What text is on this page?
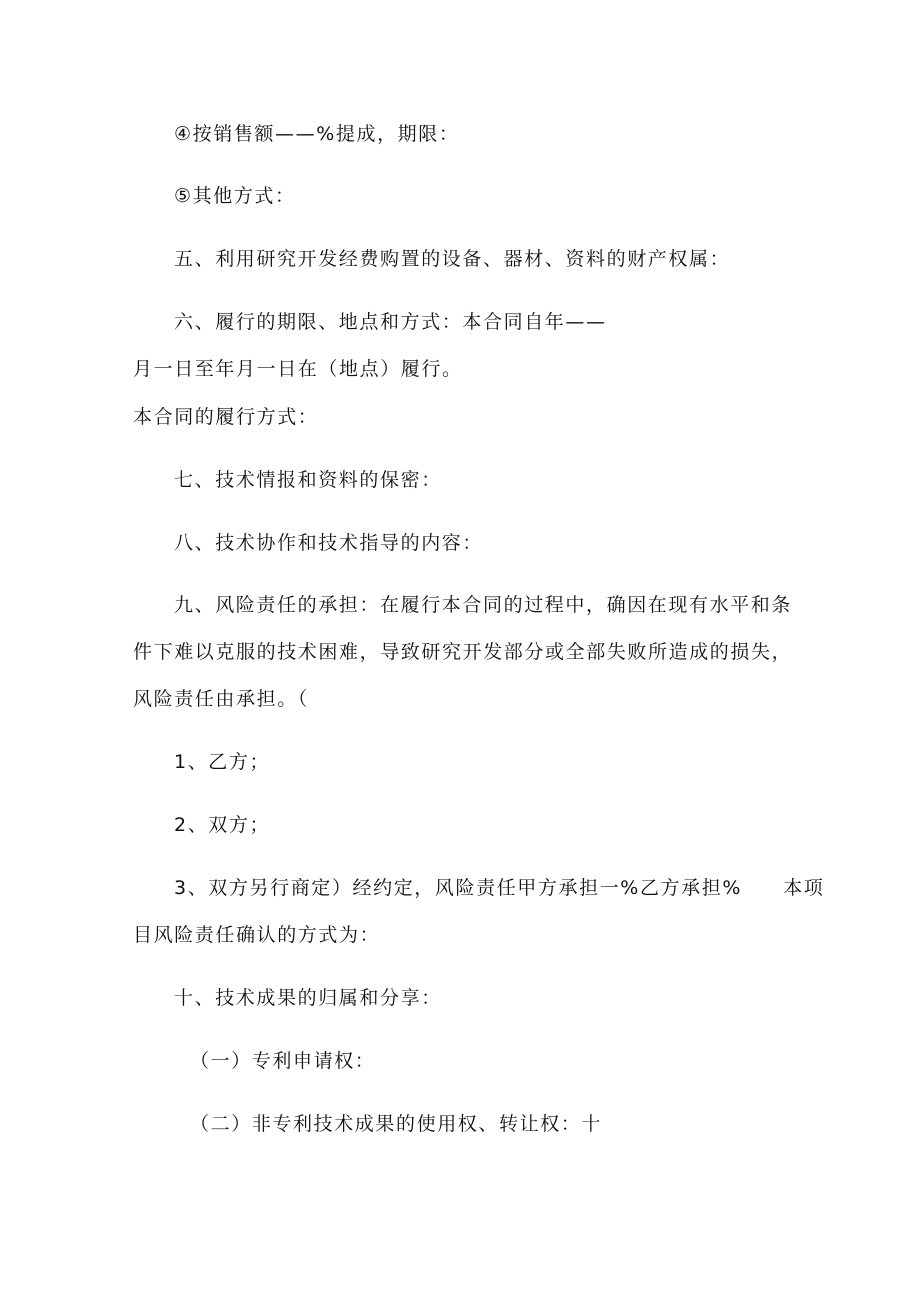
④按销售额——%提成，期限：
⑤其他方式：
五、利用研究开发经费购置的设备、器材、资料的财产权属：
六、履行的期限、地点和方式：本合同自年——
月一日至年月一日在（地点）履行。
本合同的履行方式：
七、技术情报和资料的保密：
八、技术协作和技术指导的内容：
九、风险责任的承担：在履行本合同的过程中，确因在现有水平和条
件下难以克服的技术困难，导致研究开发部分或全部失败所造成的损失，
风险责任由承担。（
1、乙方；
2、双方；
3、双方另行商定）经约定，风险责任甲方承担一%乙方承担%　　本项
目风险责任确认的方式为：
十、技术成果的归属和分享：
（一）专利申请权：
（二）非专利技术成果的使用权、转让权：十
